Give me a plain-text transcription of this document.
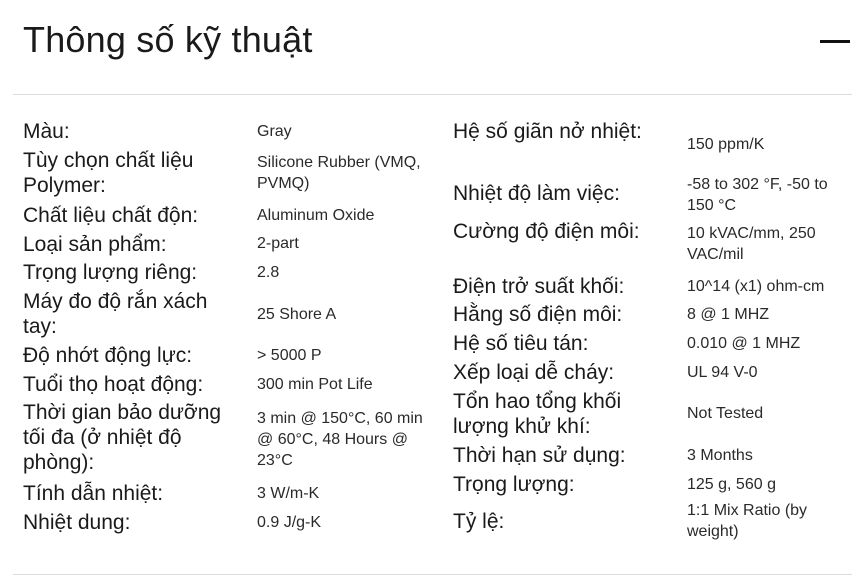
Thông số kỹ thuật
Màu:	Gray
Tùy chọn chất liệu Polymer:
Silicone Rubber (VMQ, PVMQ)
Chất liệu chất độn:	Aluminum Oxide
Loại sản phẩm:	2-part
Trọng lượng riêng:	2.8
Máy đo độ rắn xách tay:
25 Shore A
Độ nhớt động lực:	> 5000 P
Tuổi thọ hoạt động:	300 min Pot Life
Thời gian bảo dưỡng tối đa (ở nhiệt độ phòng):
3 min @ 150°C, 60 min @ 60°C, 48 Hours @ 23°C
Tính dẫn nhiệt:	3 W/m-K
Nhiệt dung:	0.9 J/g-K
Hệ số giãn nở nhiệt:
150 ppm/K
Nhiệt độ làm việc:	-58 to 302 °F, -50 to 150 °C
Cường độ điện môi:	10 kVAC/mm, 250 VAC/mil
Điện trở suất khối:	10^14 (x1) ohm-cm
Hằng số điện môi:	8 @ 1 MHZ
Hệ số tiêu tán:	0.010 @ 1 MHZ
Xếp loại dễ cháy:	UL 94 V-0
Tổn hao tổng khối lượng khử khí:
Not Tested
Thời hạn sử dụng:	3 Months
Trọng lượng:	125 g, 560 g
Tỷ lệ:	1:1 Mix Ratio (by weight)
